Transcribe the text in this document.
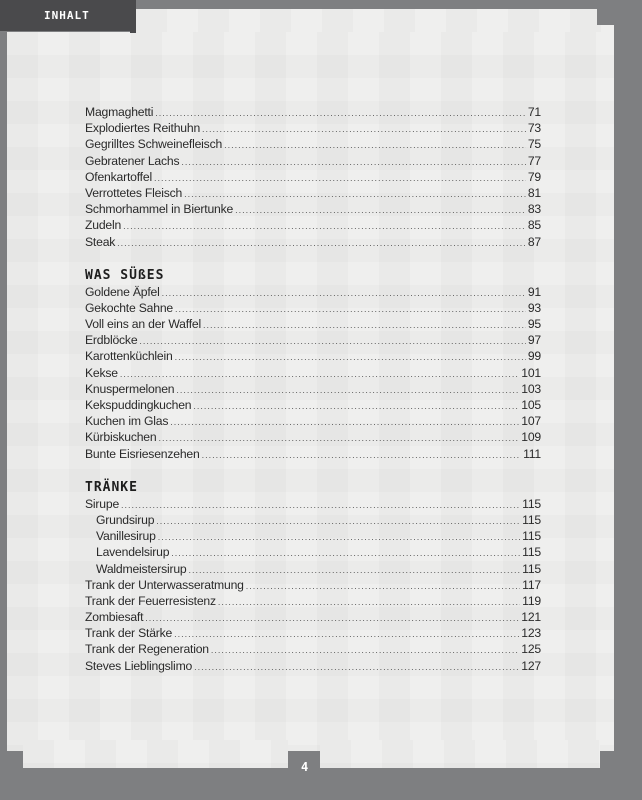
INHALT
Magmaghetti .....	71
Explodiertes Reithuhn .....	73
Gegrilltes Schweinefleisch .....	75
Gebratener Lachs .....	77
Ofenkartoffel .....	79
Verrottetes Fleisch .....	81
Schmorhammel in Biertunke .....	83
Zudeln .....	85
Steak .....	87
WAS SÜßES
Goldene Äpfel .....	91
Gekochte Sahne .....	93
Voll eins an der Waffel .....	95
Erdblöcke .....	97
Karottenküchlein .....	99
Kekse .....	101
Knuspermelonen .....	103
Kekspuddingkuchen .....	105
Kuchen im Glas .....	107
Kürbiskuchen .....	109
Bunte Eisriesenzehen .....	111
TRÄNKE
Sirupe .....	115
Grundsirup .....	115
Vanillesirup .....	115
Lavendelsirup .....	115
Waldmeistersirup .....	115
Trank der Unterwasseratmung .....	117
Trank der Feuerresistenz .....	119
Zombiesaft .....	121
Trank der Stärke .....	123
Trank der Regeneration .....	125
Steves Lieblingslimo .....	127
4
